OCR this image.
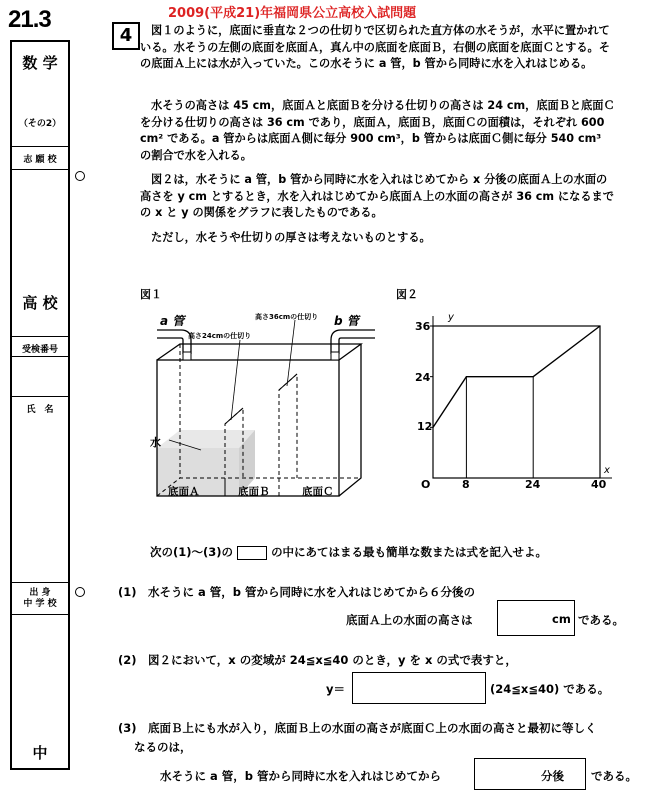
21.3
数 学
（その2）
志 願 校
高 校
受検番号
氏　名
出 身
中 学 校
中
2009(平成21)年福岡県公立高校入試問題
4	図１のように，底面に垂直な２つの仕切りで区切られた直方体の水そうが，水平に置かれている。水そうの左側の底面を底面Ａ，真ん中の底面を底面Ｂ，右側の底面を底面Ｃとする。その底面Ａ上には水が入っていた。この水そうに a 管，b 管から同時に水を入れはじめる。
水そうの高さは 45 cm，底面Ａと底面Ｂを分ける仕切りの高さは 24 cm，底面Ｂと底面Ｃを分ける仕切りの高さは 36 cm であり，底面Ａ，底面Ｂ，底面Ｃの面積は，それぞれ 600 cm² である。a 管からは底面Ａ側に毎分 900 cm³，b 管からは底面Ｃ側に毎分 540 cm³ の割合で水を入れる。
図２は，水そうに a 管，b 管から同時に水を入れはじめてから x 分後の底面Ａ上の水面の高さを y cm とするとき，水を入れはじめてから底面Ａ上の水面の高さが 36 cm になるまでの x と y の関係をグラフに表したものである。
ただし，水そうや仕切りの厚さは考えないものとする。
図１
a 管	b 管
高さ24cmの仕切り
高さ36cmの仕切り
水
底面Ａ	底面Ｂ	底面Ｃ
図２
y
x
O
36
24
12
8	24	40
次の(1)～(3)の	の中にあてはまる最も簡単な数または式を記入せよ。
(1)　水そうに a 管，b 管から同時に水を入れはじめてから６分後の
底面Ａ上の水面の高さは	cm である。
(2)　図２において，x の変域が 24≦x≦40 のとき，y を x の式で表すと，
y＝	(24≦x≦40) である。
(3)　底面Ｂ上にも水が入り，底面Ｂ上の水面の高さが底面Ｃ上の水面の高さと最初に等しく
なるのは，
水そうに a 管，b 管から同時に水を入れはじめてから	分後 である。
